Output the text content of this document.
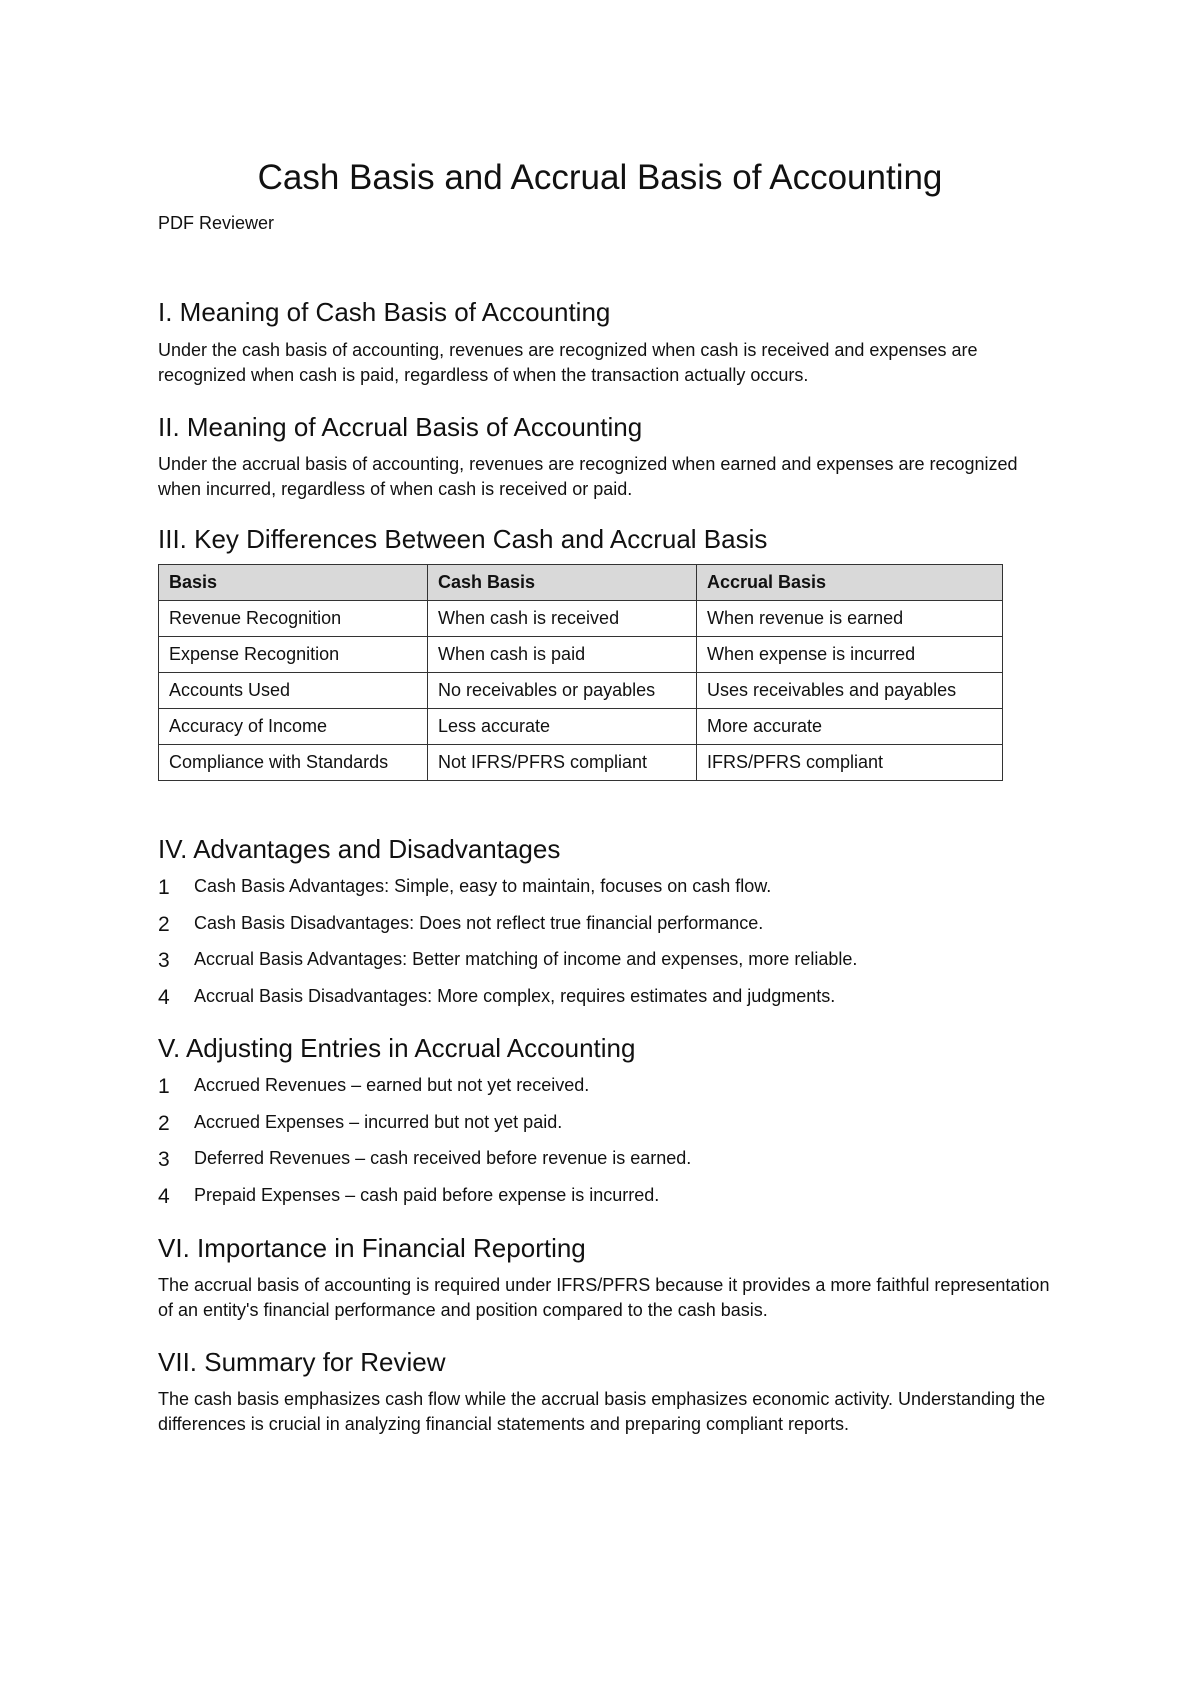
Cash Basis and Accrual Basis of Accounting

PDF Reviewer

I. Meaning of Cash Basis of Accounting

Under the cash basis of accounting, revenues are recognized when cash is received and expenses are recognized when cash is paid, regardless of when the transaction actually occurs.

II. Meaning of Accrual Basis of Accounting

Under the accrual basis of accounting, revenues are recognized when earned and expenses are recognized when incurred, regardless of when cash is received or paid.

III. Key Differences Between Cash and Accrual Basis
Basis	Cash Basis	Accrual Basis
Revenue Recognition	When cash is received	When revenue is earned
Expense Recognition	When cash is paid	When expense is incurred
Accounts Used	No receivables or payables	Uses receivables and payables
Accuracy of Income	Less accurate	More accurate
Compliance with Standards	Not IFRS/PFRS compliant	IFRS/PFRS compliant
IV. Advantages and Disadvantages
1 Cash Basis Advantages: Simple, easy to maintain, focuses on cash flow.
2 Cash Basis Disadvantages: Does not reflect true financial performance.
3 Accrual Basis Advantages: Better matching of income and expenses, more reliable.
4 Accrual Basis Disadvantages: More complex, requires estimates and judgments.
V. Adjusting Entries in Accrual Accounting
1 Accrued Revenues – earned but not yet received.
2 Accrued Expenses – incurred but not yet paid.
3 Deferred Revenues – cash received before revenue is earned.
4 Prepaid Expenses – cash paid before expense is incurred.
VI. Importance in Financial Reporting

The accrual basis of accounting is required under IFRS/PFRS because it provides a more faithful representation of an entity's financial performance and position compared to the cash basis.

VII. Summary for Review

The cash basis emphasizes cash flow while the accrual basis emphasizes economic activity. Understanding the differences is crucial in analyzing financial statements and preparing compliant reports.
